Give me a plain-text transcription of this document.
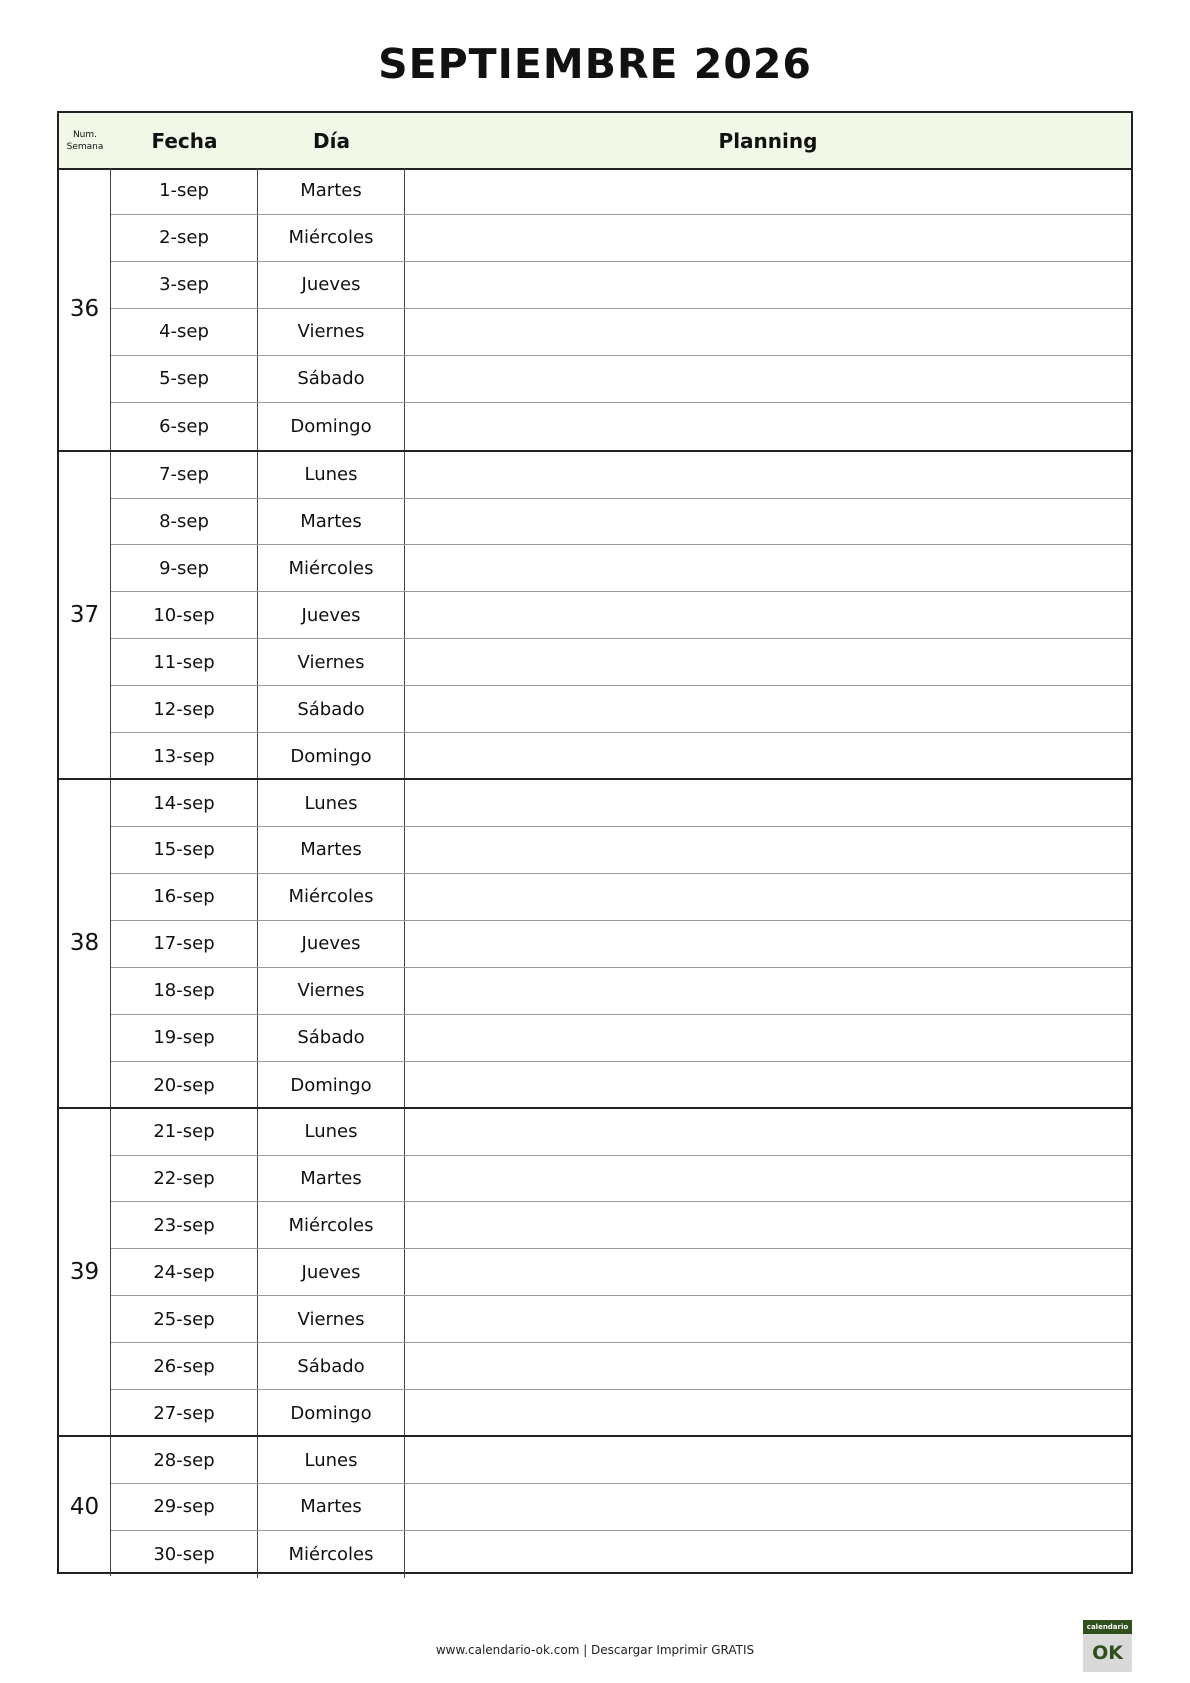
SEPTIEMBRE 2026
Num. Semana	Fecha	Día	Planning
36
1-sep	Martes
2-sep	Miércoles
3-sep	Jueves
4-sep	Viernes
5-sep	Sábado
6-sep	Domingo
37
7-sep	Lunes
8-sep	Martes
9-sep	Miércoles
10-sep	Jueves
11-sep	Viernes
12-sep	Sábado
13-sep	Domingo
38
14-sep	Lunes
15-sep	Martes
16-sep	Miércoles
17-sep	Jueves
18-sep	Viernes
19-sep	Sábado
20-sep	Domingo
39
21-sep	Lunes
22-sep	Martes
23-sep	Miércoles
24-sep	Jueves
25-sep	Viernes
26-sep	Sábado
27-sep	Domingo
40
28-sep	Lunes
29-sep	Martes
30-sep	Miércoles
www.calendario-ok.com | Descargar Imprimir GRATIS
calendario
OK
